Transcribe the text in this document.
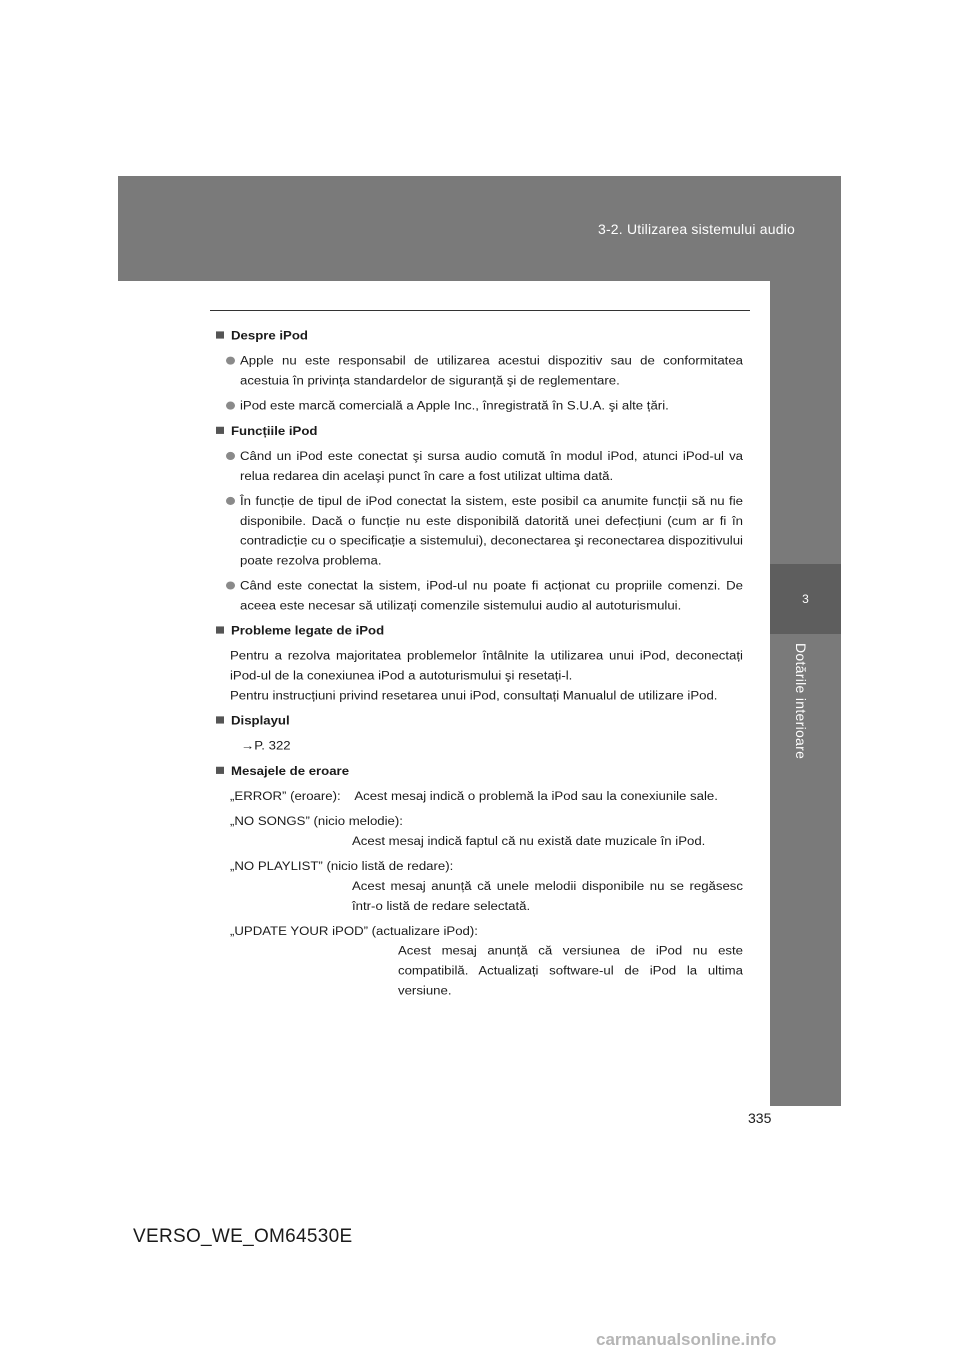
3-2. Utilizarea sistemului audio
3
Dotările interioare
Despre iPod
Apple nu este responsabil de utilizarea acestui dispozitiv sau de conformitatea acestuia în privința standardelor de siguranță şi de reglementare.
iPod este marcă comercială a Apple Inc., înregistrată în S.U.A. şi alte țări.
Funcțiile iPod
Când un iPod este conectat şi sursa audio comută în modul iPod, atunci iPod-ul va relua redarea din acelaşi punct în care a fost utilizat ultima dată.
În funcție de tipul de iPod conectat la sistem, este posibil ca anumite funcții să nu fie disponibile. Dacă o funcție nu este disponibilă datorită unei defecțiuni (cum ar fi în contradicție cu o specificație a sistemului), deconectarea şi reconectarea dispozitivului poate rezolva problema.
Când este conectat la sistem, iPod-ul nu poate fi acționat cu propriile comenzi. De aceea este necesar să utilizați comenzile sistemului audio al autoturismului.
Probleme legate de iPod
Pentru a rezolva majoritatea problemelor întâlnite la utilizarea unui iPod, deconectați iPod-ul de la conexiunea iPod a autoturismului şi resetați-l.
Pentru instrucțiuni privind resetarea unui iPod, consultați Manualul de utilizare iPod.
Displayul
→P. 322
Mesajele de eroare
„ERROR” (eroare): Acest mesaj indică o problemă la iPod sau la conexiunile sale.
„NO SONGS” (nicio melodie):
Acest mesaj indică faptul că nu există date muzicale în iPod.
„NO PLAYLIST” (nicio listă de redare):
Acest mesaj anunță că unele melodii disponibile nu se regăsesc într-o listă de redare selectată.
„UPDATE YOUR iPOD” (actualizare iPod):
Acest mesaj anunță că versiunea de iPod nu este compatibilă. Actualizați software-ul de iPod la ultima versiune.
335
VERSO_WE_OM64530E
carmanualsonline.info
